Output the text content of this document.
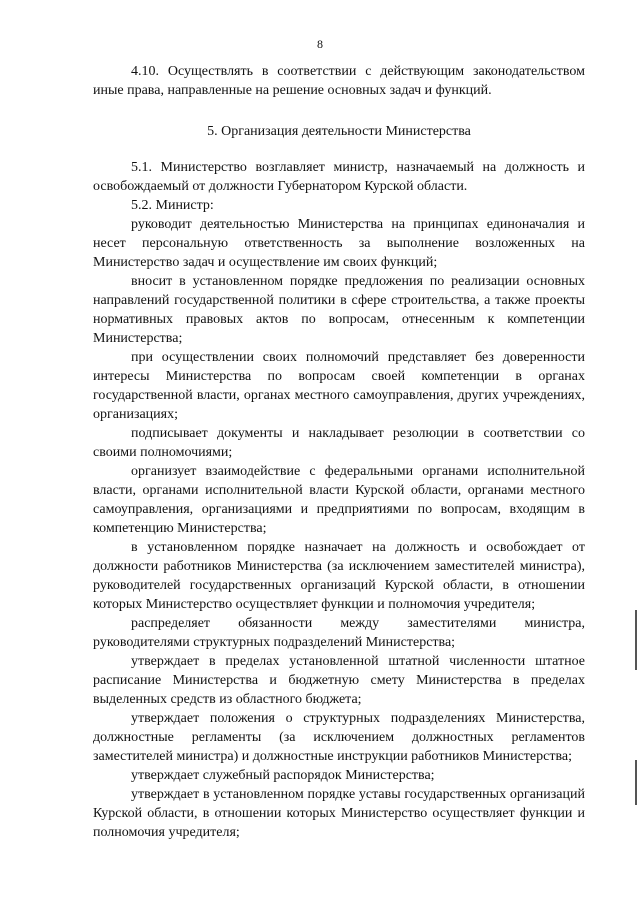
8

4.10. Осуществлять в соответствии с действующим законодательством иные права, направленные на решение основных задач и функций.

5. Организация деятельности Министерства

5.1. Министерство возглавляет министр, назначаемый на должность и освобождаемый от должности Губернатором Курской области.

5.2. Министр:

руководит деятельностью Министерства на принципах единоначалия и несет персональную ответственность за выполнение возложенных на Министерство задач и осуществление им своих функций;

вносит в установленном порядке предложения по реализации основных направлений государственной политики в сфере строительства, а также проекты нормативных правовых актов по вопросам, отнесенным к компетенции Министерства;

при осуществлении своих полномочий представляет без доверенности интересы Министерства по вопросам своей компетенции в органах государственной власти, органах местного самоуправления, других учреждениях, организациях;

подписывает документы и накладывает резолюции в соответствии со своими полномочиями;

организует взаимодействие с федеральными органами исполнительной власти, органами исполнительной власти Курской области, органами местного самоуправления, организациями и предприятиями по вопросам, входящим в компетенцию Министерства;

в установленном порядке назначает на должность и освобождает от должности работников Министерства (за исключением заместителей министра), руководителей государственных организаций Курской области, в отношении которых Министерство осуществляет функции и полномочия учредителя;

распределяет обязанности между заместителями министра, руководителями структурных подразделений Министерства;

утверждает в пределах установленной штатной численности штатное расписание Министерства и бюджетную смету Министерства в пределах выделенных средств из областного бюджета;

утверждает положения о структурных подразделениях Министерства, должностные регламенты (за исключением должностных регламентов заместителей министра) и должностные инструкции работников Министерства;

утверждает служебный распорядок Министерства;

утверждает в установленном порядке уставы государственных организаций Курской области, в отношении которых Министерство осуществляет функции и полномочия учредителя;
